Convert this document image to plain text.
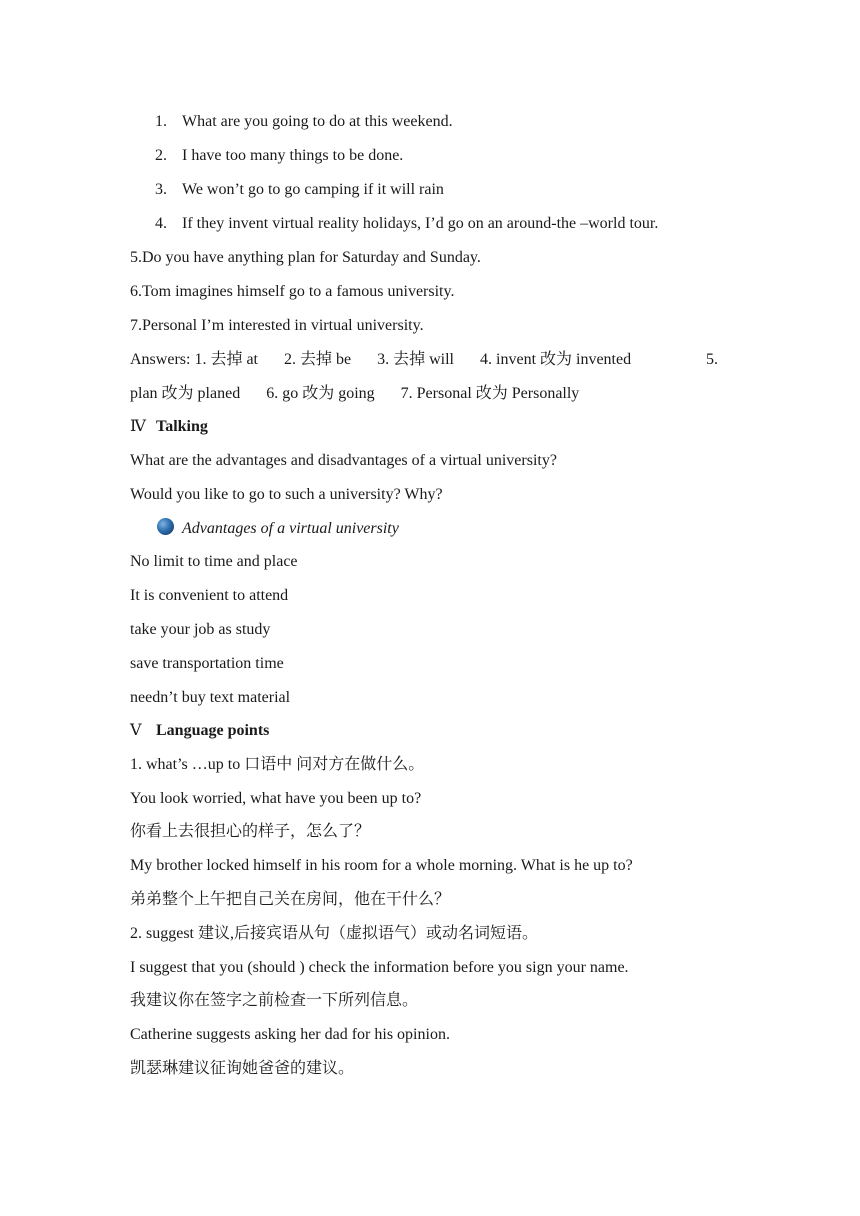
1. What are you going to do at this weekend.
2. I have too many things to be done.
3. We won’t go to go camping if it will rain
4. If they invent virtual reality holidays, I’d go on an around-the –world tour.
5.Do you have anything plan for Saturday and Sunday.
6.Tom imagines himself go to a famous university.
7.Personal I’m interested in virtual university.
Answers: 1. 去掉 at 2. 去掉 be 3. 去掉 will 4. invent 改为 invented	5.
plan 改为 planed 6. go 改为 going 7. Personal 改为 Personally
Ⅳ Talking
What are the advantages and disadvantages of a virtual university?
Would you like to go to such a university? Why?
Advantages of a virtual university
No limit to time and place
It is convenient to attend
take your job as study
save transportation time
needn’t buy text material
Ⅴ Language points
1. what’s …up to 口语中 问对方在做什么。
You look worried, what have you been up to?
你看上去很担心的样子，怎么了？
My brother locked himself in his room for a whole morning. What is he up to?
弟弟整个上午把自己关在房间，他在干什么？
2. suggest 建议,后接宾语从句（虚拟语气）或动名词短语。
I suggest that you (should ) check the information before you sign your name.
我建议你在签字之前检查一下所列信息。
Catherine suggests asking her dad for his opinion.
凯瑟琳建议征询她爸爸的建议。
